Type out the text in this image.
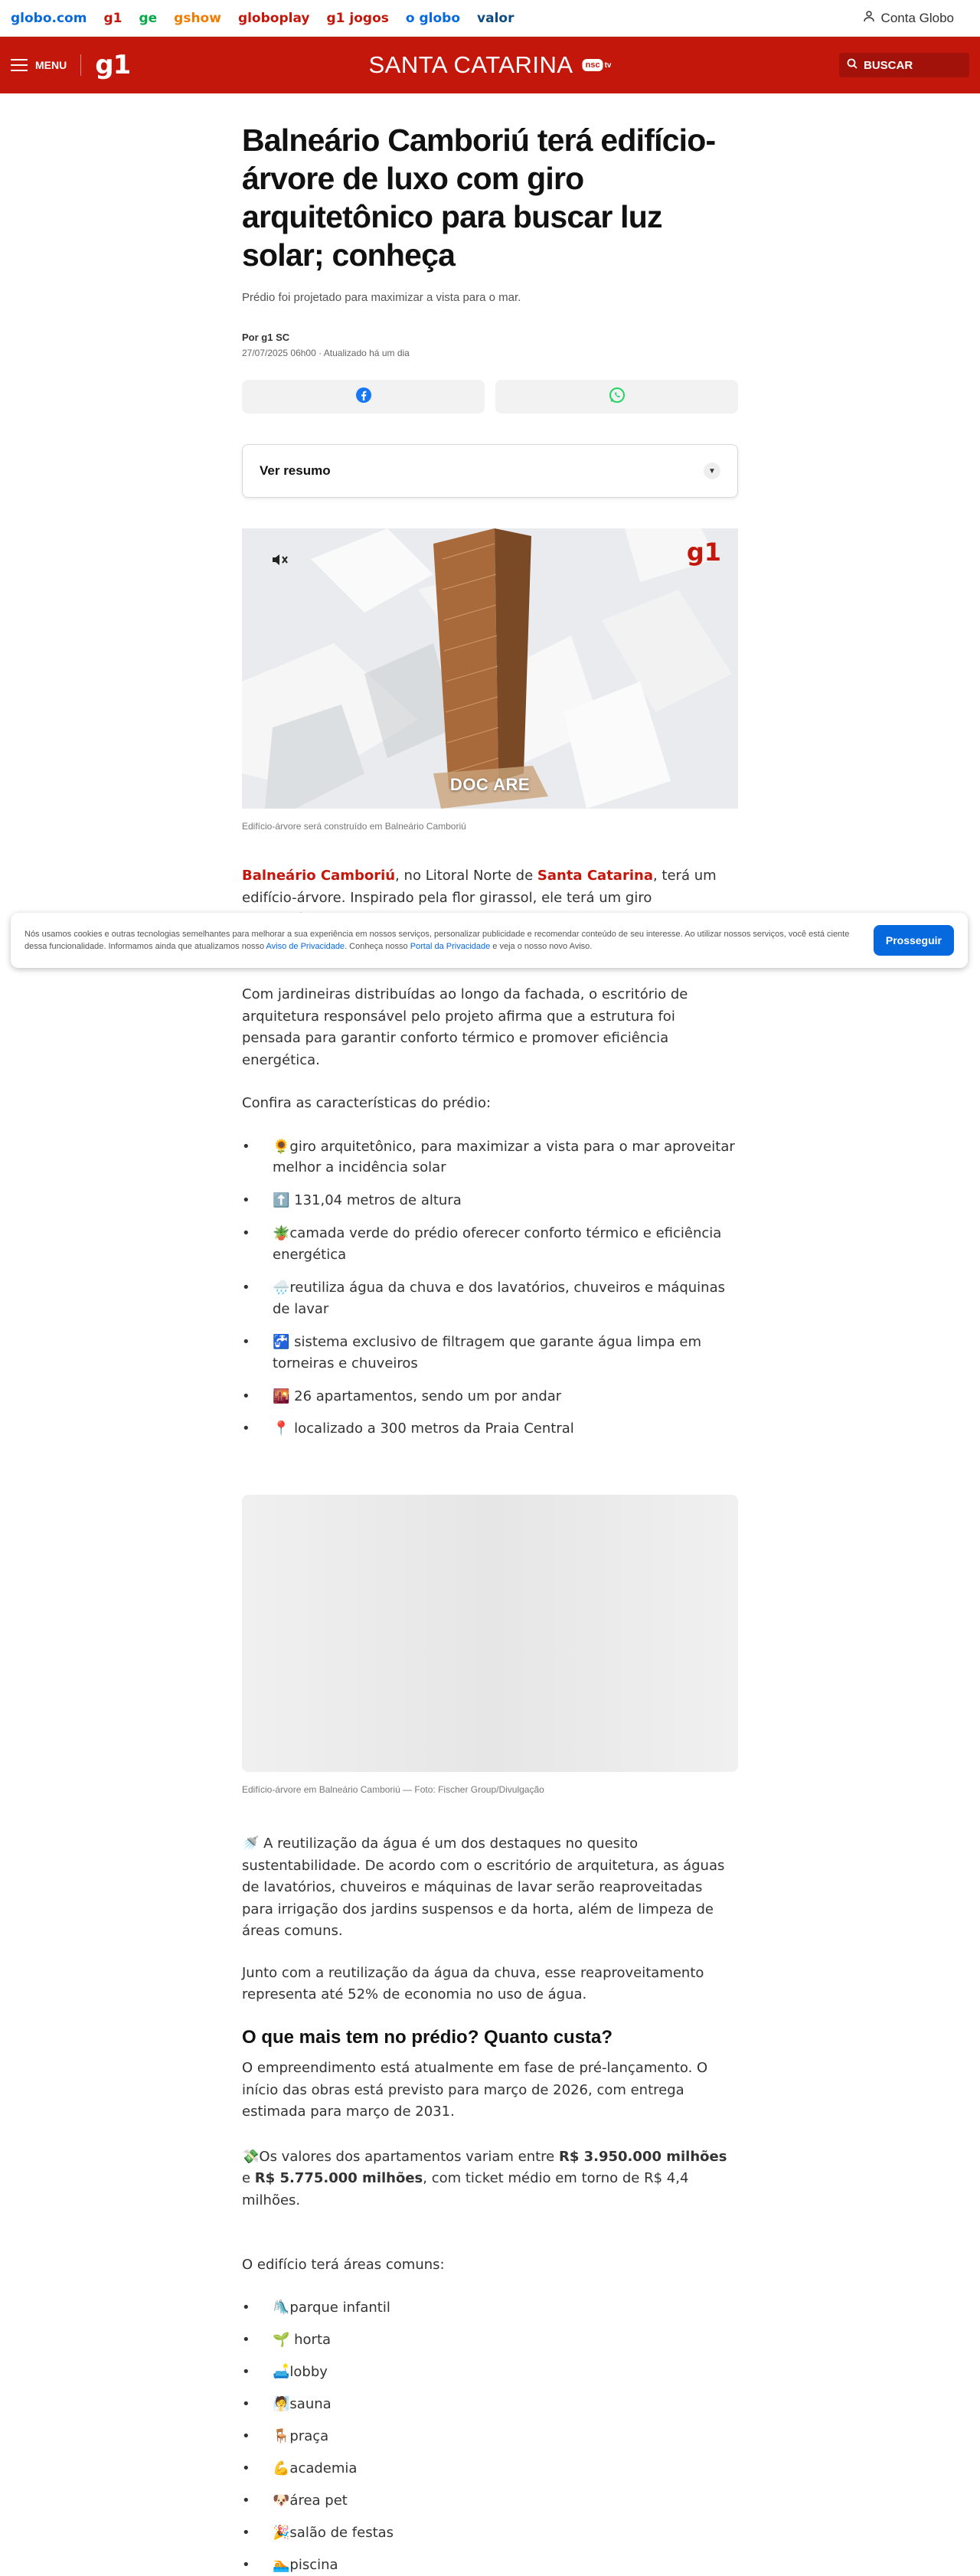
globo.com g1 ge gshow globoplay g1 jogos o globo valor	Conta Globo
MENU g1	SANTA CATARINA	nsc tv	BUSCAR
Balneário Camboriú terá edifício-árvore de luxo com giro arquitetônico para buscar luz solar; conheça

Prédio foi projetado para maximizar a vista para o mar.

Por g1 SC
27/07/2025 06h00 · Atualizado há um dia
Ver resumo	▼
g1
DOC ARE
Edifício-árvore será construído em Balneário Camboriú

Balneário Camboriú, no Litoral Norte de Santa Catarina, terá um edifício-árvore. Inspirado pela flor girassol, ele terá um giro

Com jardineiras distribuídas ao longo da fachada, o escritório de arquitetura responsável pelo projeto afirma que a estrutura foi pensada para garantir conforto térmico e promover eficiência energética.

Confira as características do prédio:

• 🌻giro arquitetônico, para maximizar a vista para o mar aproveitar melhor a incidência solar
• ⬆️ 131,04 metros de altura
• 🪴camada verde do prédio oferecer conforto térmico e eficiência energética
• 🌧️reutiliza água da chuva e dos lavatórios, chuveiros e máquinas de lavar
• 🚰 sistema exclusivo de filtragem que garante água limpa em torneiras e chuveiros
• 🌇 26 apartamentos, sendo um por andar
• 📍 localizado a 300 metros da Praia Central
Edifício-árvore em Balneário Camboriú — Foto: Fischer Group/Divulgação

🚿 A reutilização da água é um dos destaques no quesito sustentabilidade. De acordo com o escritório de arquitetura, as águas de lavatórios, chuveiros e máquinas de lavar serão reaproveitadas para irrigação dos jardins suspensos e da horta, além de limpeza de áreas comuns.

Junto com a reutilização da água da chuva, esse reaproveitamento representa até 52% de economia no uso de água.

O que mais tem no prédio? Quanto custa?

O empreendimento está atualmente em fase de pré-lançamento. O início das obras está previsto para março de 2026, com entrega estimada para março de 2031.

💸Os valores dos apartamentos variam entre R$ 3.950.000 milhões e R$ 5.775.000 milhões, com ticket médio em torno de R$ 4,4 milhões.

O edifício terá áreas comuns:

• 🛝parque infantil
• 🌱 horta
• 🛋️lobby
• 🧖sauna
• 🪑praça
• 💪academia
• 🐶área pet
• 🎉salão de festas
• 🏊piscina
Nós usamos cookies e outras tecnologias semelhantes para melhorar a sua experiência em nossos serviços, personalizar publicidade e recomendar conteúdo de seu interesse. Ao utilizar nossos serviços, você está ciente dessa funcionalidade. Informamos ainda que atualizamos nosso Aviso de Privacidade. Conheça nosso Portal da Privacidade e veja o nosso novo Aviso.	Prosseguir
